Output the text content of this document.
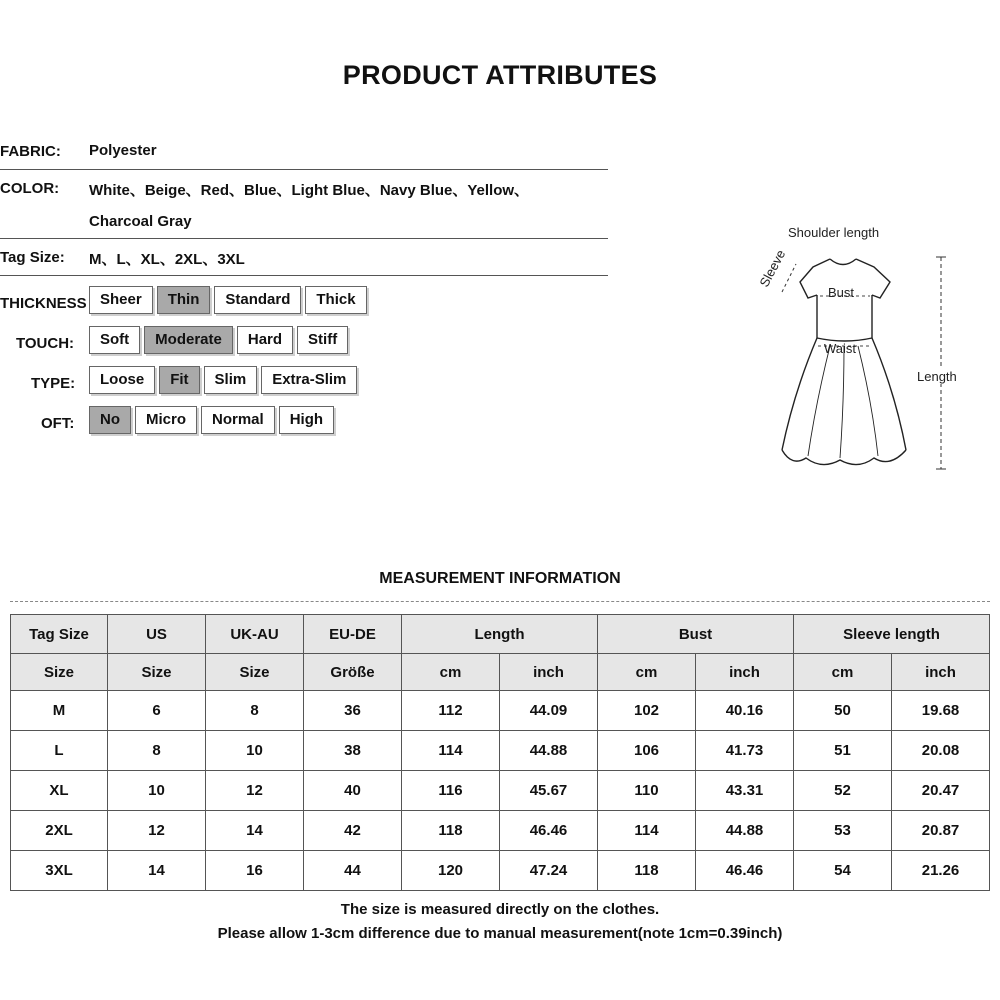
PRODUCT ATTRIBUTES
FABRIC: Polyester
COLOR: White、Beige、Red、Blue、Light Blue、Navy Blue、Yellow、
Charcoal Gray
Tag Size: M、L、XL、2XL、3XL
THICKNESS Sheer	Thin	Standard	Thick
TOUCH:	Soft	Moderate	Hard	Stiff
TYPE:	Loose	Fit	Slim	Extra-Slim
OFT:	No	Micro	Normal	High
Shoulder length
Sleeve
Bust
Waist
Length
MEASUREMENT INFORMATION
Tag Size	US	UK-AU	EU-DE	Length		Bust		Sleeve length	
Size	Size	Size	Größe	cm	inch	cm	inch	cm	inch
M	6	8	36	112	44.09	102	40.16	50	19.68
L	8	10	38	114	44.88	106	41.73	51	20.08
XL	10	12	40	116	45.67	110	43.31	52	20.47
2XL	12	14	42	118	46.46	114	44.88	53	20.87
3XL	14	16	44	120	47.24	118	46.46	54	21.26
The size is measured directly on the clothes.
Please allow 1-3cm difference due to manual measurement(note 1cm=0.39inch)
